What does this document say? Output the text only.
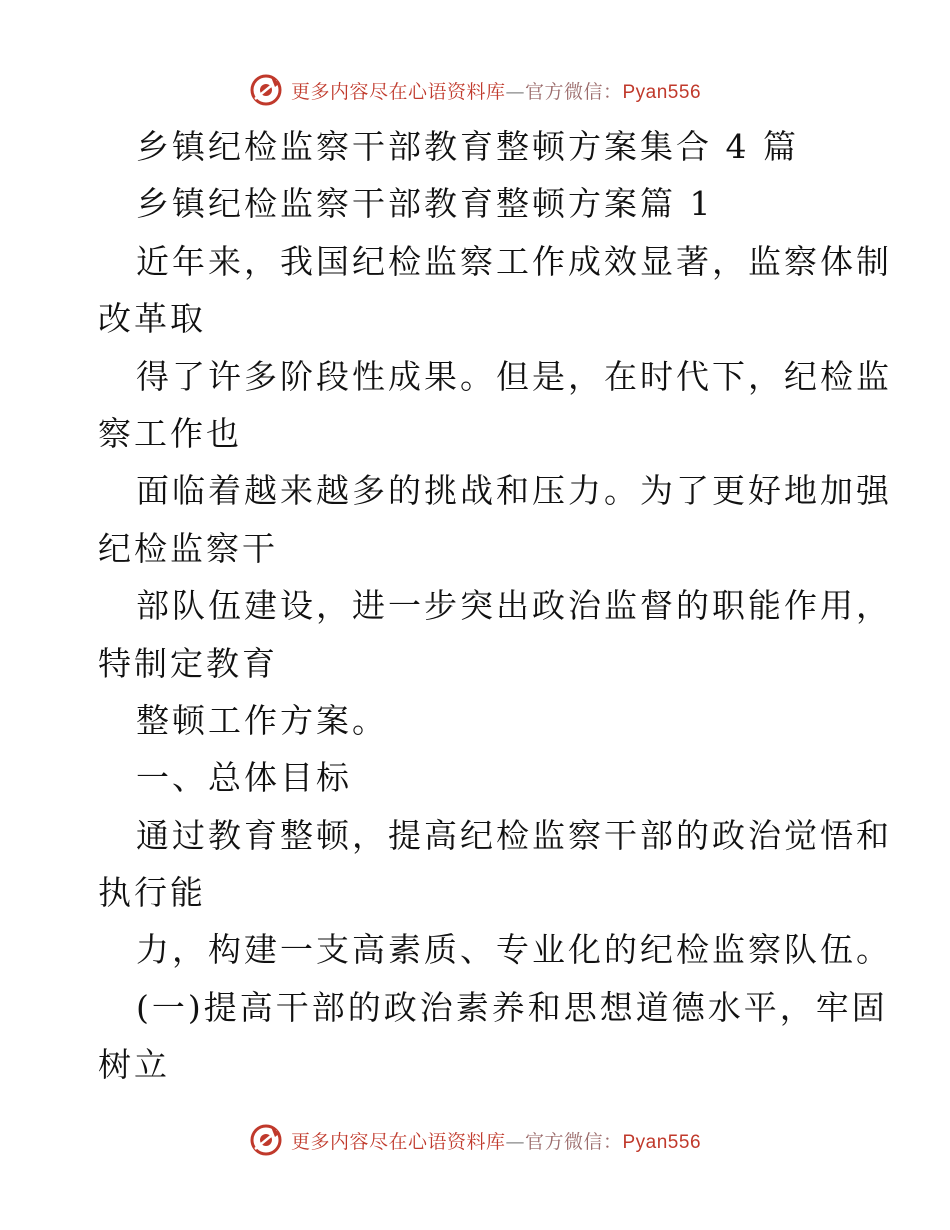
更多内容尽在心语资料库—官方微信：Pyan556
乡镇纪检监察干部教育整顿方案集合 4 篇
乡镇纪检监察干部教育整顿方案篇 1
近年来，我国纪检监察工作成效显著，监察体制
改革取
得了许多阶段性成果。但是，在时代下，纪检监
察工作也
面临着越来越多的挑战和压力。为了更好地加强
纪检监察干
部队伍建设，进一步突出政治监督的职能作用，
特制定教育
整顿工作方案。
一、总体目标
通过教育整顿，提高纪检监察干部的政治觉悟和
执行能
力，构建一支高素质、专业化的纪检监察队伍。
(一)提高干部的政治素养和思想道德水平，牢固
树立
更多内容尽在心语资料库—官方微信：Pyan556
